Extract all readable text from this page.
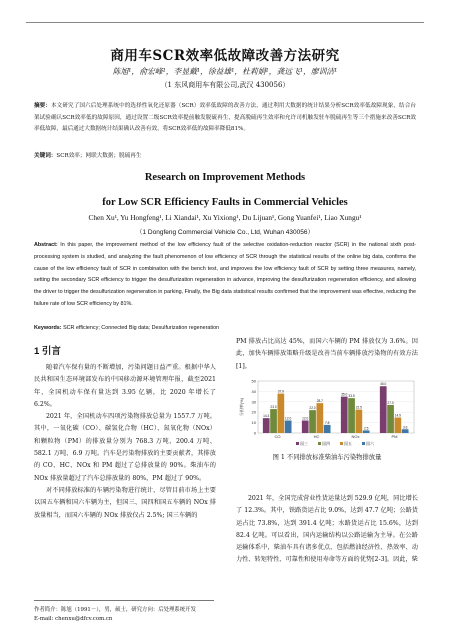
商用车SCR效率低故障改善方法研究
陈旭¹，俞宏峰¹，李显戴¹，徐益雄¹，杜莉娟¹，龚远飞¹，廖训洁¹
（1 东风商用车有限公司,武汉 430056）
摘要：本文研究了国六后处理系统中的选择性氧化还原器（SCR）效率低故障的改善方法，通过利用大数据的统计结果分析SCR效率低故障现象，结合台架试验确认SCR效率低的故障原因，通过设置二级SCR效率提前触发脱硫再生，提高脱硫再生效率和允许司机触发驻车脱硫再生等三个措施来改善SCR效率低故障，最后通过大数据统计结果确认改善有效，将SCR效率低的故障率降低81%。
关键词：SCR效率；网联大数据；脱硫再生
Research on Improvement Methods
for Low SCR Efficiency Faults in Commercial Vehicles
Chen Xu¹, Yu Hongfeng¹, Li Xiandai¹, Xu Yixiong¹, Du Lijuan¹, Gong Yuanfei¹, Liao Xungu¹
（1 Dongfeng Commercial Vehicle Co., Ltd, Wuhan 430056）
Abstract: In this paper, the improvement method of the low efficiency fault of the selective oxidation-reduction reactor (SCR) in the national sixth post-processing system is studied, and analyzing the fault phenomenon of low efficiency of SCR through the statistical results of the online big data, confirms the cause of the low efficiency fault of SCR in combination with the bench test, and improves the low efficiency fault of SCR by setting three measures, namely, setting the secondary SCR efficiency to trigger the desulfurization regeneration in advance, improving the desulfurization regeneration efficiency, and allowing the driver to trigger the desulfurization regeneration in parking, Finally, the Big data statistical results confirmed that the improvement was effective, reducing the failure rate of low SCR efficiency by 81%.
Keywords: SCR efficiency; Connected Big data; Desulfurization regeneration
1 引言

随着汽车保有量的不断增加，污染问题日益严重。根据中华人民共和国生态环境部发布的中国移动源环境管理年报，截至2021年，全国机动车保有量达到 3.95 亿辆，比 2020 年增长了 6.2%。

2021 年，全国机动车四项污染物排放总量为 1557.7 万吨。其中，一氧化碳（CO）、碳氢化合物（HC）、氮氧化物（NOx）和颗粒物（PM）的排放量分别为 768.3 万吨、200.4 万吨、582.1 万吨、6.9 万吨。汽车是污染物排放的主要贡献者，其排放的 CO、HC、NOx 和 PM 超过了总排放量的 90%。柴油车的 NOx 排放量超过了汽车总排放量的 80%，PM 超过了 90%。

对不同排放标准的车辆污染物进行统计，尽管目前市场上主要以国五车辆和国六车辆为主，但国三、国四和国五车辆的 NOx 排放量相当，而国六车辆的 NOx 排放仅占 2.5%; 国三车辆的

PM 排放占比高达 45%，而国六车辆的 PM 排放仅为 3.6%。因此，加快车辆排放策略升级是改善当前车辆排放污染物的有效方法[1]。

0
10
20
30
40
50
分担率(%)
14.3
23.0
37.9
12.0
CO
12.0
22.0
28.7
7.8
HC
35.0 33.5
22.5
2.5
NOx
45.0
27.0
14.9
3.6
PM
国三	国四	国五	国六
图 1 不同排放标准柴油车污染物排放量

2021 年，全国完成营业性货运量达到 529.9 亿吨，同比增长了 12.3%。其中，铁路货运占比 9.0%，达到 47.7 亿吨；公路货运占比 73.8%，达到 391.4 亿吨；水路货运占比 15.6%，达到 82.4 亿吨。可以看出，国内运输结构以公路运输为主导。在公路运输体系中，柴油车具有诸多优点，包括燃油经济性、热效率、动力性、转矩特性、可靠性和使用寿命等方面的优势[2-3]。因此，柴

作者简介：陈旭（1991－），男，硕士，研究方向：后处理系统开发
E-mail: chenxu@dfcv.com.cn
